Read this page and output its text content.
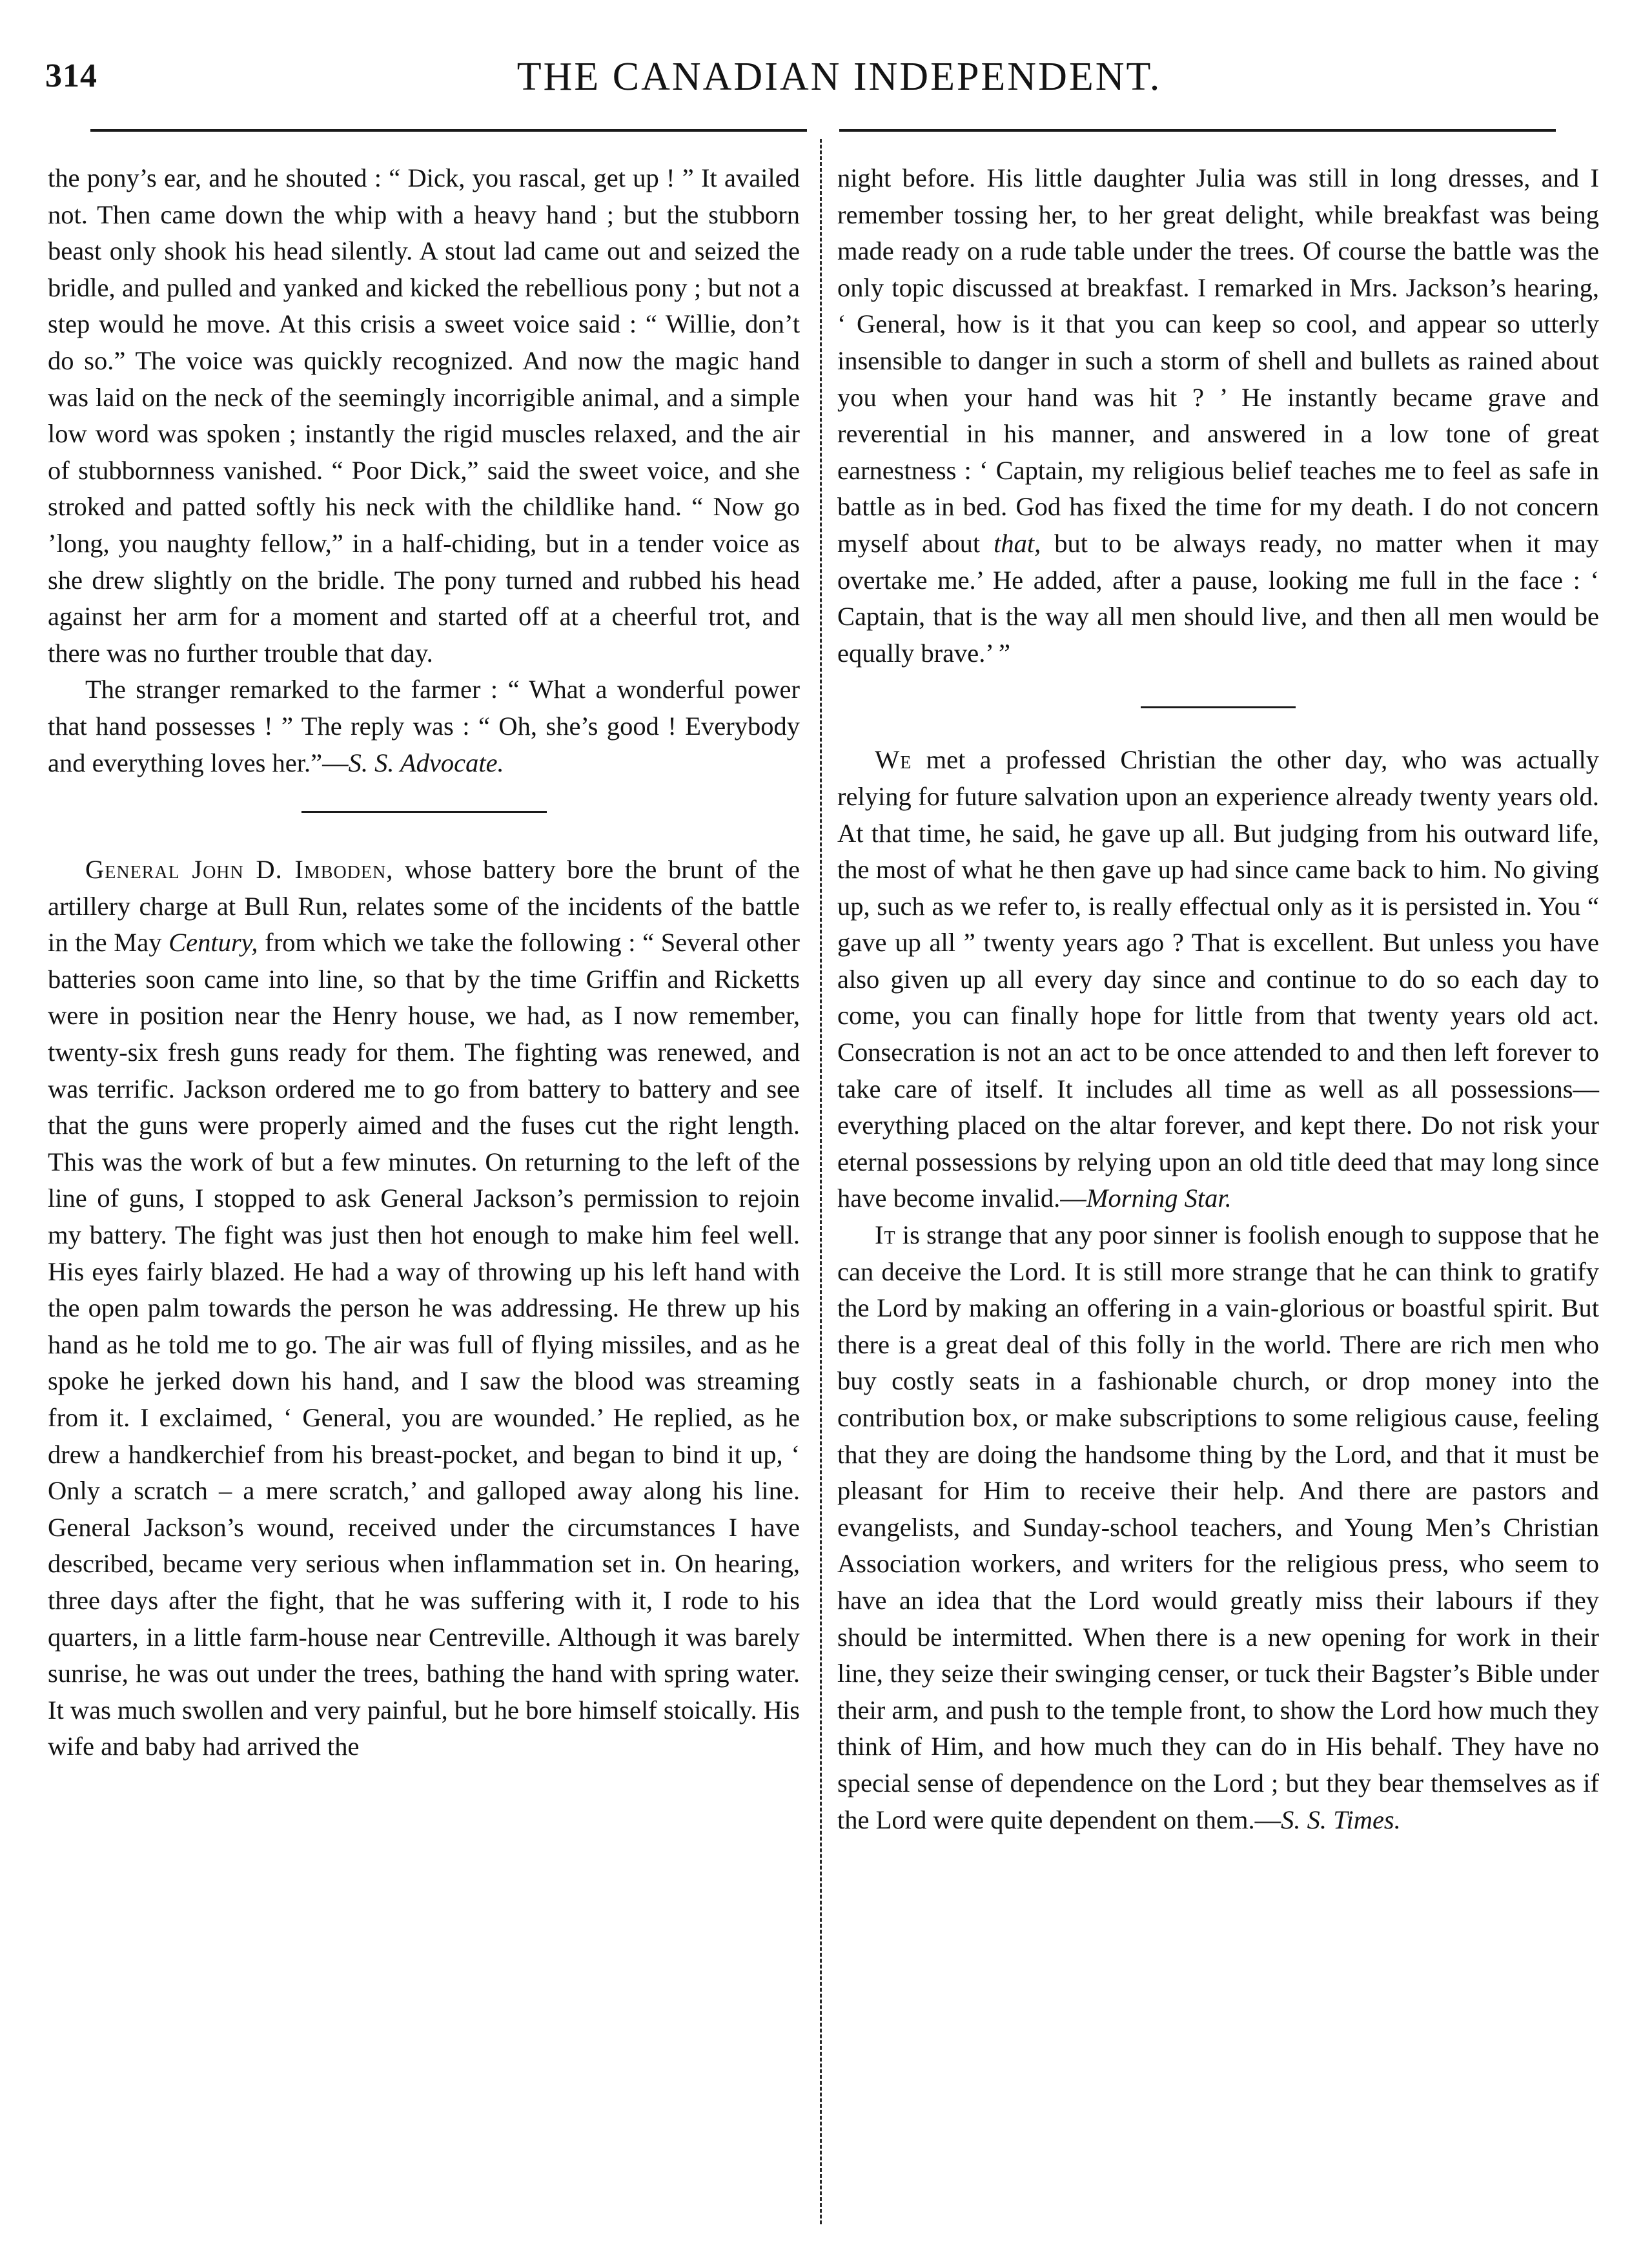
314	THE CANADIAN INDEPENDENT.

the pony’s ear, and he shouted : “ Dick, you rascal, get up ! ” It availed not. Then came down the whip with a heavy hand ; but the stubborn beast only shook his head silently. A stout lad came out and seized the bridle, and pulled and yanked and kicked the rebellious pony ; but not a step would he move. At this crisis a sweet voice said : “ Willie, don’t do so.” The voice was quickly recognized. And now the magic hand was laid on the neck of the seemingly incorrigible animal, and a simple low word was spoken ; instantly the rigid muscles relaxed, and the air of stubbornness vanished. “ Poor Dick,” said the sweet voice, and she stroked and patted softly his neck with the childlike hand. “ Now go ’long, you naughty fellow,” in a half-chiding, but in a tender voice as she drew slightly on the bridle. The pony turned and rubbed his head against her arm for a moment and started off at a cheerful trot, and there was no further trouble that day.

The stranger remarked to the farmer : “ What a wonderful power that hand possesses ! ” The reply was : “ Oh, she’s good ! Everybody and everything loves her.”—S. S. Advocate.

General John D. Imboden, whose battery bore the brunt of the artillery charge at Bull Run, relates some of the incidents of the battle in the May Century, from which we take the following : “ Several other batteries soon came into line, so that by the time Griffin and Ricketts were in position near the Henry house, we had, as I now remember, twenty-six fresh guns ready for them. The fighting was renewed, and was terrific. Jackson ordered me to go from battery to battery and see that the guns were properly aimed and the fuses cut the right length. This was the work of but a few minutes. On returning to the left of the line of guns, I stopped to ask General Jackson’s permission to rejoin my battery. The fight was just then hot enough to make him feel well. His eyes fairly blazed. He had a way of throwing up his left hand with the open palm towards the person he was addressing. He threw up his hand as he told me to go. The air was full of flying missiles, and as he spoke he jerked down his hand, and I saw the blood was streaming from it. I exclaimed, ‘ General, you are wounded.’ He replied, as he drew a handkerchief from his breast-pocket, and began to bind it up, ‘ Only a scratch – a mere scratch,’ and galloped away along his line. General Jackson’s wound, received under the circumstances I have described, became very serious when inflammation set in. On hearing, three days after the fight, that he was suffering with it, I rode to his quarters, in a little farm-house near Centreville. Although it was barely sunrise, he was out under the trees, bathing the hand with spring water. It was much swollen and very painful, but he bore himself stoically. His wife and baby had arrived the

night before. His little daughter Julia was still in long dresses, and I remember tossing her, to her great delight, while breakfast was being made ready on a rude table under the trees. Of course the battle was the only topic discussed at breakfast. I remarked in Mrs. Jackson’s hearing, ‘ General, how is it that you can keep so cool, and appear so utterly insensible to danger in such a storm of shell and bullets as rained about you when your hand was hit ? ’ He instantly became grave and reverential in his manner, and answered in a low tone of great earnestness : ‘ Captain, my religious belief teaches me to feel as safe in battle as in bed. God has fixed the time for my death. I do not concern myself about that, but to be always ready, no matter when it may overtake me.’ He added, after a pause, looking me full in the face : ‘ Captain, that is the way all men should live, and then all men would be equally brave.’ ”

We met a professed Christian the other day, who was actually relying for future salvation upon an experience already twenty years old. At that time, he said, he gave up all. But judging from his outward life, the most of what he then gave up had since came back to him. No giving up, such as we refer to, is really effectual only as it is persisted in. You “ gave up all ” twenty years ago ? That is excellent. But unless you have also given up all every day since and continue to do so each day to come, you can finally hope for little from that twenty years old act. Consecration is not an act to be once attended to and then left forever to take care of itself. It includes all time as well as all possessions—everything placed on the altar forever, and kept there. Do not risk your eternal possessions by relying upon an old title deed that may long since have become invalid.—Morning Star.

It is strange that any poor sinner is foolish enough to suppose that he can deceive the Lord. It is still more strange that he can think to gratify the Lord by making an offering in a vain-glorious or boastful spirit. But there is a great deal of this folly in the world. There are rich men who buy costly seats in a fashionable church, or drop money into the contribution box, or make subscriptions to some religious cause, feeling that they are doing the handsome thing by the Lord, and that it must be pleasant for Him to receive their help. And there are pastors and evangelists, and Sunday-school teachers, and Young Men’s Christian Association workers, and writers for the religious press, who seem to have an idea that the Lord would greatly miss their labours if they should be intermitted. When there is a new opening for work in their line, they seize their swinging censer, or tuck their Bagster’s Bible under their arm, and push to the temple front, to show the Lord how much they think of Him, and how much they can do in His behalf. They have no special sense of dependence on the Lord ; but they bear themselves as if the Lord were quite dependent on them.—S. S. Times.
